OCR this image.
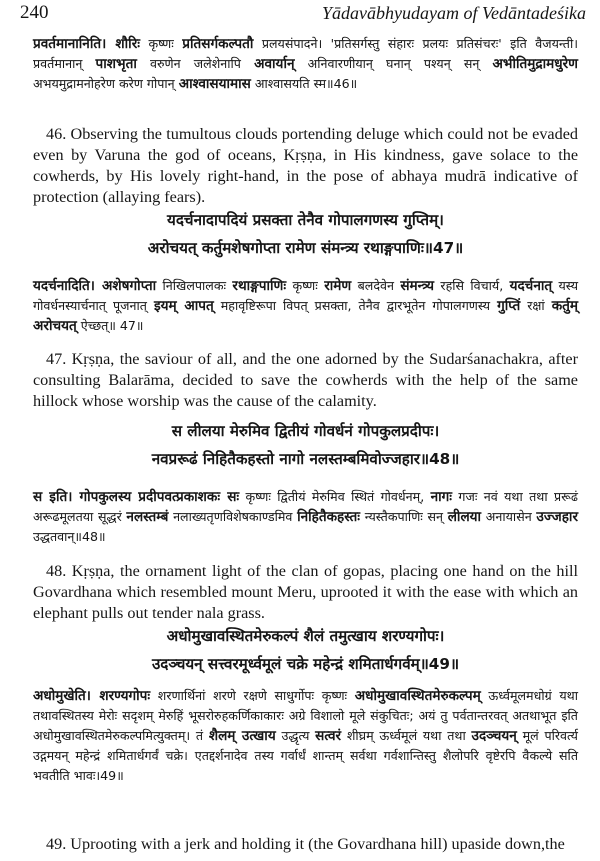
240	Yādavābhyudayam of Vedāntadeśika

प्रवर्तमानानिति। शौरिः कृष्णः प्रतिसर्गकल्पतौ प्रलयसंपादने। 'प्रतिसर्गस्तु संहारः प्रलयः प्रतिसंचरः' इति वैजयन्ती। प्रवर्तमानान् पाशभृता वरुणेन जलेशेनापि अवार्यान् अनिवारणीयान् घनान् पश्यन् सन् अभीतिमुद्रामधुरेण अभयमुद्रामनोहरेण करेण गोपान् आश्वासयामास आश्वासयति स्म॥46॥

46. Observing the tumultous clouds portending deluge which could not be evaded even by Varuna the god of oceans, Kṛṣṇa, in His kindness, gave solace to the cowherds, by His lovely right-hand, in the pose of abhaya mudrā indicative of protection (allaying fears).

यदर्चनादापदियं प्रसक्ता तेनैव गोपालगणस्य गुप्तिम्।
अरोचयत् कर्तुमशेषगोप्ता रामेण संमन्त्र्य रथाङ्गपाणिः॥47॥

यदर्चनादिति। अशेषगोप्ता निखिलपालकः रथाङ्गपाणिः कृष्णः रामेण बलदेवेन संमन्त्र्य रहसि विचार्य, यदर्चनात् यस्य गोवर्धनस्यार्चनात् पूजनात् इयम् आपत् महावृष्टिरूपा विपत् प्रसक्ता, तेनैव द्वारभूतेन गोपालगणस्य गुप्तिं रक्षां कर्तुम् अरोचयत् ऐच्छत्॥ 47॥

47. Kṛṣṇa, the saviour of all, and the one adorned by the Sudarśanachakra, after consulting Balarāma, decided to save the cowherds with the help of the same hillock whose worship was the cause of the calamity.

स लीलया मेरुमिव द्वितीयं गोवर्धनं गोपकुलप्रदीपः।
नवप्ररूढं निहितैकहस्तो नागो नलस्तम्बमिवोज्जहार॥48॥

स इति। गोपकुलस्य प्रदीपवत्प्रकाशकः सः कृष्णः द्वितीयं मेरुमिव स्थितं गोवर्धनम्, नागः गजः नवं यथा तथा प्ररूढं अरूढमूलतया सूद्धरं नलस्तम्बं नलाख्यतृणविशेषकाण्डमिव निहितैकहस्तः न्यस्तैकपाणिः सन् लीलया अनायासेन उज्जहार उद्धतवान्॥48॥

48. Kṛṣṇa, the ornament light of the clan of gopas, placing one hand on the hill Govardhana which resembled mount Meru, uprooted it with the ease with which an elephant pulls out tender nala grass.

अधोमुखावस्थितमेरुकल्पं शैलं तमुत्खाय शरण्यगोपः।
उदञ्चयन् सत्त्वरमूर्ध्वमूलं चक्रे महेन्द्रं शमितार्धगर्वम्॥49॥

अधोमुखेति। शरण्यगोपः शरणार्थिनां शरणे रक्षणे साधुर्गोपः कृष्णः अधोमुखावस्थितमेरुकल्पम् ऊर्ध्वमूलमधोग्रं यथा तथावस्थितस्य मेरोः सदृशम् मेरुहिं भूसरोरुहकर्णिकाकारः अग्रे विशालो मूले संकुचितः; अयं तु पर्वतान्तरवत् अतथाभूत इति अधोमुखावस्थितमेरुकल्पमित्युक्तम्। तं शैलम् उत्खाय उद्धृत्य सत्वरं शीघ्रम् ऊर्ध्वमूलं यथा तथा उदञ्चयन् मूलं परिवर्त्य उद्गमयन् महेन्द्रं शमितार्धगर्वं चक्रे। एतद्दर्शनादेव तस्य गर्वार्धं शान्तम् सर्वथा गर्वशान्तिस्तु शैलोपरि वृष्टेरपि वैकल्ये सति भवतीति भावः।49॥

49. Uprooting with a jerk and holding it (the Govardhana hill) upaside down,the
